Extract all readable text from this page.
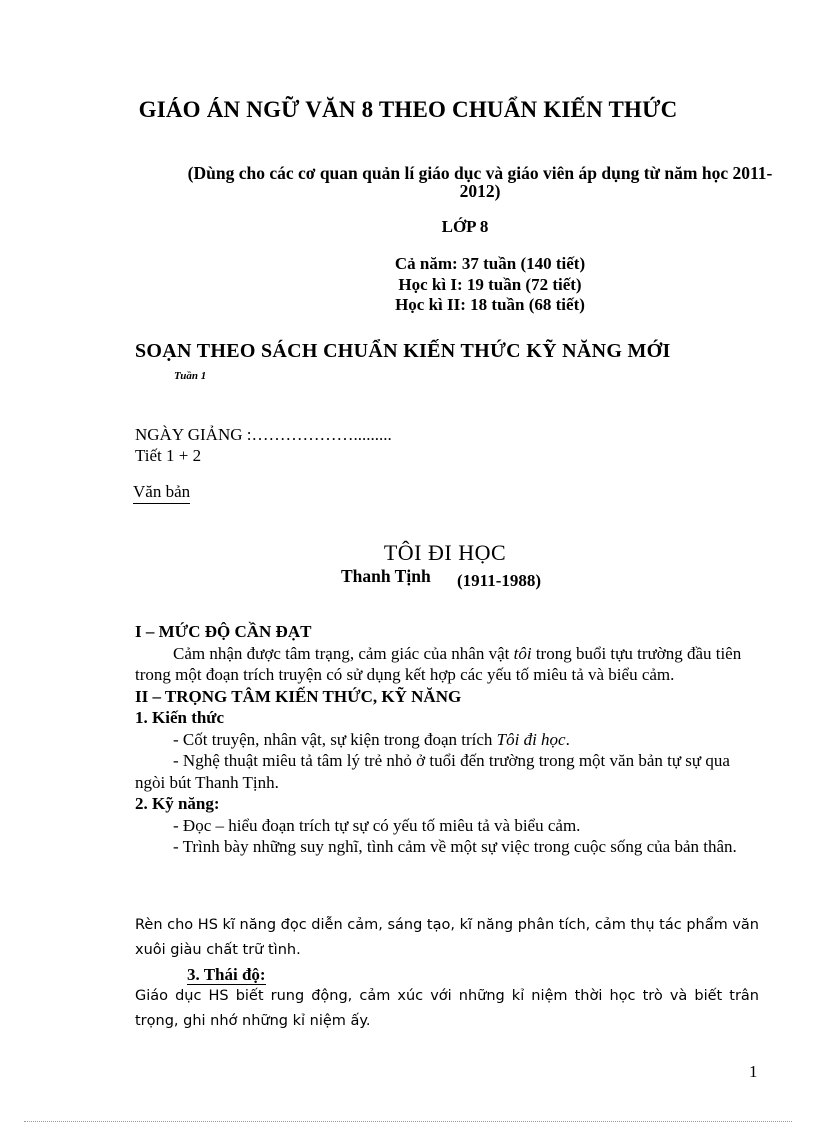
GIÁO ÁN NGỮ VĂN 8 THEO CHUẨN KIẾN THỨC
(Dùng cho các cơ quan quản lí giáo dục và giáo viên áp dụng từ năm học 2011-2012)
LỚP 8
Cả năm: 37 tuần (140 tiết)
Học kì I: 19 tuần (72 tiết)
Học kì II: 18 tuần (68 tiết)
SOẠN THEO SÁCH CHUẨN KIẾN THỨC KỸ NĂNG MỚI
Tuần 1
NGÀY GIẢNG :……………….........
Tiết 1 + 2
Văn bản
TÔI ĐI HỌC
Thanh Tịnh (1911-1988)
I – MỨC ĐỘ CẦN ĐẠT
Cảm nhận được tâm trạng, cảm giác của nhân vật tôi trong buổi tựu trường đầu tiên trong một đoạn trích truyện có sử dụng kết hợp các yếu tố miêu tả và biểu cảm.
II – TRỌNG TÂM KIẾN THỨC, KỸ NĂNG
1. Kiến thức
- Cốt truyện, nhân vật, sự kiện trong đoạn trích Tôi đi học.
- Nghệ thuật miêu tả tâm lý trẻ nhỏ ở tuổi đến trường trong một văn bản tự sự qua ngòi bút Thanh Tịnh.
2. Kỹ năng:
- Đọc – hiểu đoạn trích tự sự có yếu tố miêu tả và biểu cảm.
- Trình bày những suy nghĩ, tình cảm về một sự việc trong cuộc sống của bản thân.
Rèn cho HS kĩ năng đọc diễn cảm, sáng tạo, kĩ năng phân tích, cảm thụ tác phẩm văn xuôi giàu chất trữ tình.
3. Thái độ:
Giáo dục HS biết rung động, cảm xúc với những kỉ niệm thời học trò và biết trân trọng, ghi nhớ những kỉ niệm ấy.
1
